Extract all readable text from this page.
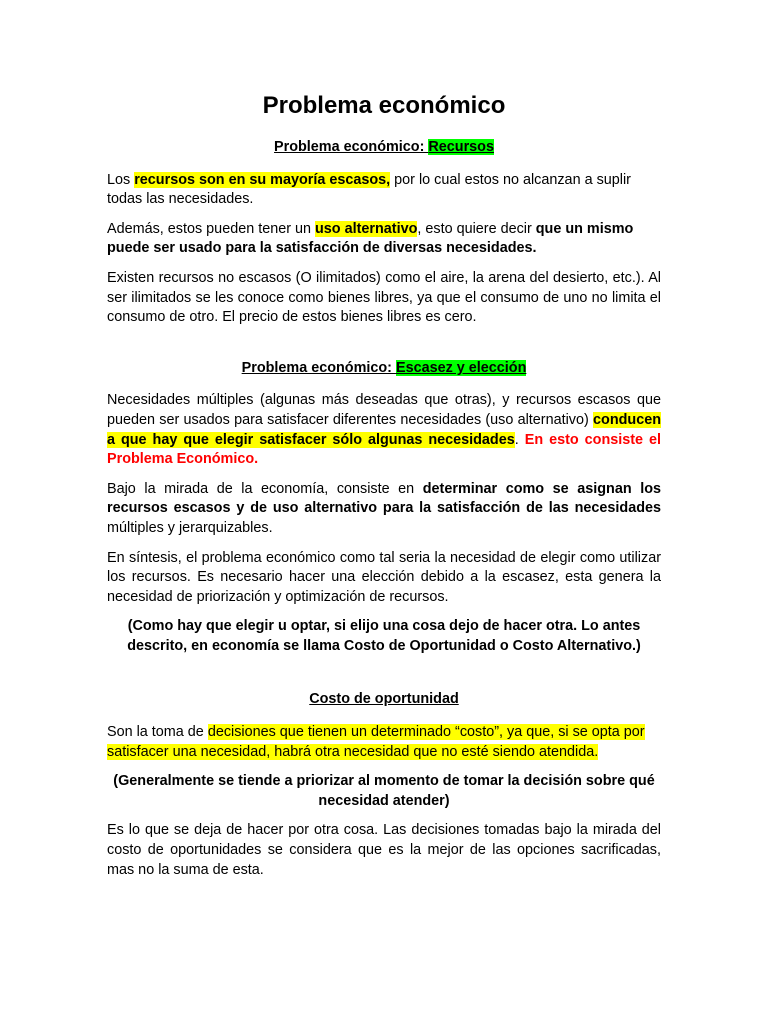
Problema económico
Problema económico: Recursos

Los recursos son en su mayoría escasos, por lo cual estos no alcanzan a suplir todas las necesidades.

Además, estos pueden tener un uso alternativo, esto quiere decir que un mismo puede ser usado para la satisfacción de diversas necesidades.

Existen recursos no escasos (O ilimitados) como el aire, la arena del desierto, etc.). Al ser ilimitados se les conoce como bienes libres, ya que el consumo de uno no limita el consumo de otro. El precio de estos bienes libres es cero.

Problema económico: Escasez y elección

Necesidades múltiples (algunas más deseadas que otras), y recursos escasos que pueden ser usados para satisfacer diferentes necesidades (uso alternativo) conducen a que hay que elegir satisfacer sólo algunas necesidades. En esto consiste el Problema Económico.

Bajo la mirada de la economía, consiste en determinar como se asignan los recursos escasos y de uso alternativo para la satisfacción de las necesidades múltiples y jerarquizables.

En síntesis, el problema económico como tal seria la necesidad de elegir como utilizar los recursos. Es necesario hacer una elección debido a la escasez, esta genera la necesidad de priorización y optimización de recursos.

(Como hay que elegir u optar, si elijo una cosa dejo de hacer otra. Lo antes descrito, en economía se llama Costo de Oportunidad o Costo Alternativo.)

Costo de oportunidad

Son la toma de decisiones que tienen un determinado “costo”, ya que, si se opta por satisfacer una necesidad, habrá otra necesidad que no esté siendo atendida.

(Generalmente se tiende a priorizar al momento de tomar la decisión sobre qué necesidad atender)

Es lo que se deja de hacer por otra cosa. Las decisiones tomadas bajo la mirada del costo de oportunidades se considera que es la mejor de las opciones sacrificadas, mas no la suma de esta.
